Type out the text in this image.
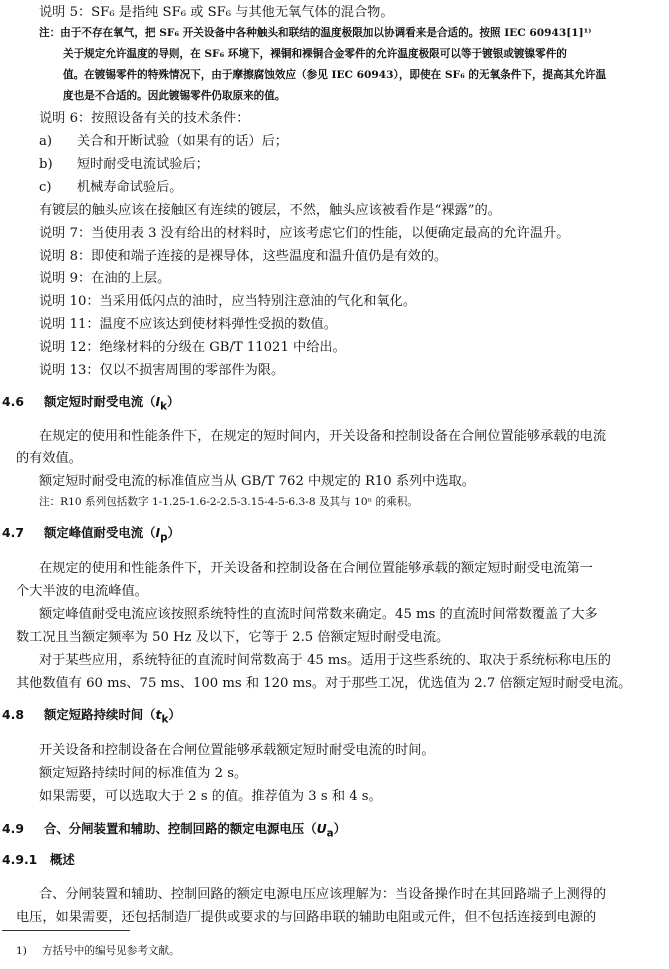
说明 5：SF₆ 是指纯 SF₆ 或 SF₆ 与其他无氧气体的混合物。
注：由于不存在氧气，把 SF₆ 开关设备中各种触头和联结的温度极限加以协调看来是合适的。按照 IEC 60943[1]¹⁾
关于规定允许温度的导则，在 SF₆ 环境下，裸铜和裸铜合金零件的允许温度极限可以等于镀银或镀镍零件的
值。在镀锡零件的特殊情况下，由于摩擦腐蚀效应（参见 IEC 60943），即使在 SF₆ 的无氧条件下，提高其允许温
度也是不合适的。因此镀锡零件仍取原来的值。
说明 6：按照设备有关的技术条件：
a) 关合和开断试验（如果有的话）后；
b) 短时耐受电流试验后；
c) 机械寿命试验后。
有镀层的触头应该在接触区有连续的镀层，不然，触头应该被看作是“裸露”的。
说明 7：当使用表 3 没有给出的材料时，应该考虑它们的性能，以便确定最高的允许温升。
说明 8：即使和端子连接的是裸导体，这些温度和温升值仍是有效的。
说明 9：在油的上层。
说明 10：当采用低闪点的油时，应当特别注意油的气化和氧化。
说明 11：温度不应该达到使材料弹性受损的数值。
说明 12：绝缘材料的分级在 GB/T 11021 中给出。
说明 13：仅以不损害周围的零部件为限。
4.6 额定短时耐受电流$(I_k)$
在规定的使用和性能条件下，在规定的短时间内，开关设备和控制设备在合闸位置能够承载的电流
的有效值。
额定短时耐受电流的标准值应当从 GB/T 762 中规定的 R10 系列中选取。
注：R10 系列包括数字 1-1.25-1.6-2-2.5-3.15-4-5-6.3-8 及其与 10ⁿ 的乘积。
4.7 额定峰值耐受电流$(I_p)$
在规定的使用和性能条件下，开关设备和控制设备在合闸位置能够承载的额定短时耐受电流第一
个大半波的电流峰值。
额定峰值耐受电流应该按照系统特性的直流时间常数来确定。45 ms 的直流时间常数覆盖了大多
数工况且当额定频率为 50 Hz 及以下，它等于 2.5 倍额定短时耐受电流。
对于某些应用，系统特征的直流时间常数高于 45 ms。适用于这些系统的、取决于系统标称电压的
其他数值有 60 ms、75 ms、100 ms 和 120 ms。对于那些工况，优选值为 2.7 倍额定短时耐受电流。
4.8 额定短路持续时间$(t_k)$
开关设备和控制设备在合闸位置能够承载额定短时耐受电流的时间。
额定短路持续时间的标准值为 2 s。
如果需要，可以选取大于 2 s 的值。推荐值为 3 s 和 4 s。
4.9 合、分闸装置和辅助、控制回路的额定电源电压$(U_a)$
4.9.1 概述
合、分闸装置和辅助、控制回路的额定电源电压应该理解为：当设备操作时在其回路端子上测得的
电压，如果需要，还包括制造厂提供或要求的与回路串联的辅助电阻或元件，但不包括连接到电源的
1) 方括号中的编号见参考文献。
